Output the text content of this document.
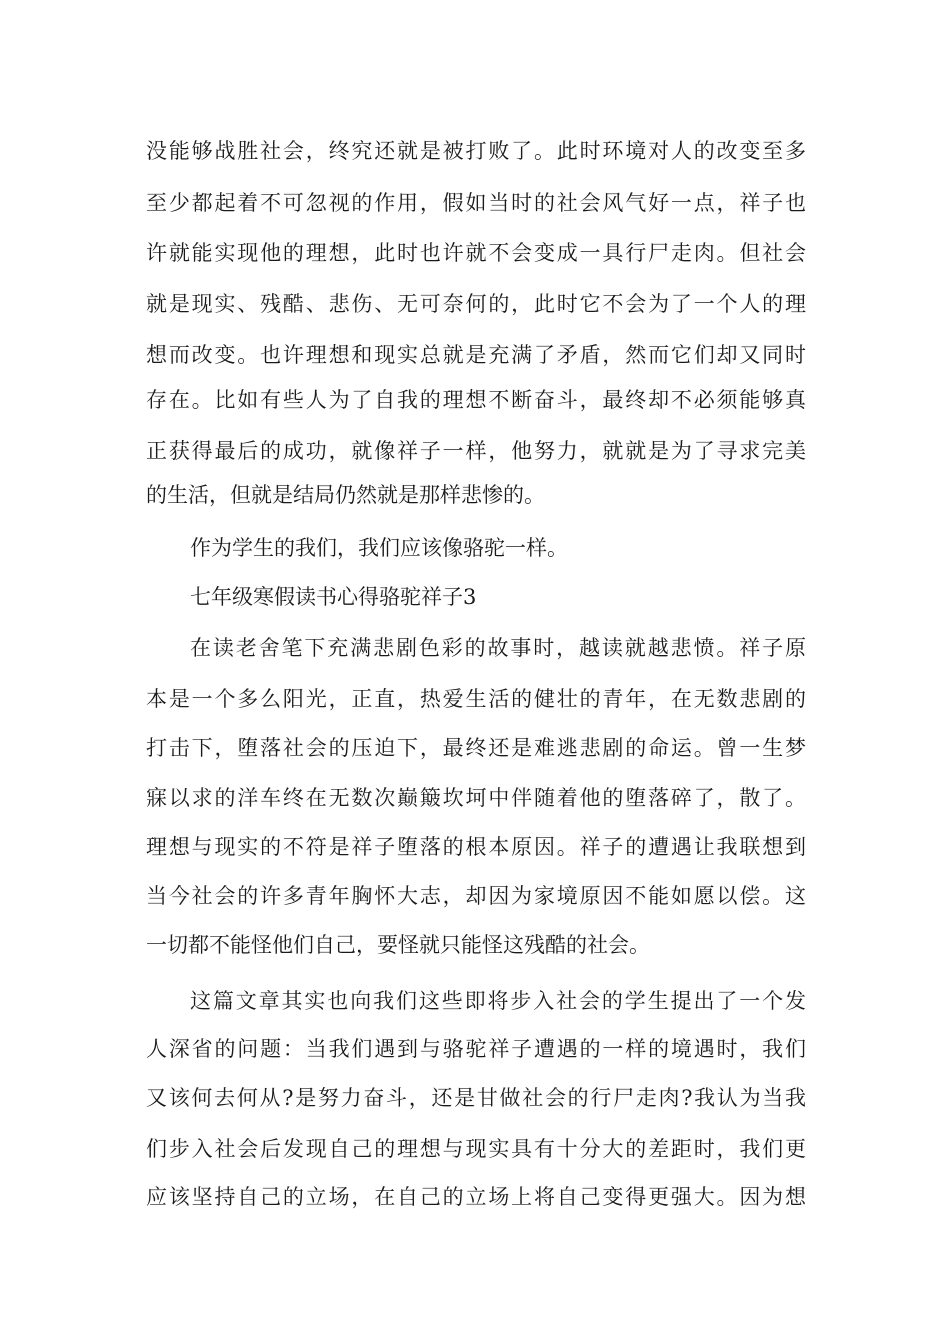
没能够战胜社会，终究还就是被打败了。此时环境对人的改变至多
至少都起着不可忽视的作用，假如当时的社会风气好一点，祥子也
许就能实现他的理想，此时也许就不会变成一具行尸走肉。但社会
就是现实、残酷、悲伤、无可奈何的，此时它不会为了一个人的理
想而改变。也许理想和现实总就是充满了矛盾，然而它们却又同时
存在。比如有些人为了自我的理想不断奋斗，最终却不必须能够真
正获得最后的成功，就像祥子一样，他努力，就就是为了寻求完美
的生活，但就是结局仍然就是那样悲惨的。
作为学生的我们，我们应该像骆驼一样。
七年级寒假读书心得骆驼祥子3
在读老舍笔下充满悲剧色彩的故事时，越读就越悲愤。祥子原
本是一个多么阳光，正直，热爱生活的健壮的青年，在无数悲剧的
打击下，堕落社会的压迫下，最终还是难逃悲剧的命运。曾一生梦
寐以求的洋车终在无数次巅簸坎坷中伴随着他的堕落碎了，散了。
理想与现实的不符是祥子堕落的根本原因。祥子的遭遇让我联想到
当今社会的许多青年胸怀大志，却因为家境原因不能如愿以偿。这
一切都不能怪他们自己，要怪就只能怪这残酷的社会。
这篇文章其实也向我们这些即将步入社会的学生提出了一个发
人深省的问题：当我们遇到与骆驼祥子遭遇的一样的境遇时，我们
又该何去何从?是努力奋斗，还是甘做社会的行尸走肉?我认为当我
们步入社会后发现自己的理想与现实具有十分大的差距时，我们更
应该坚持自己的立场，在自己的立场上将自己变得更强大。因为想
